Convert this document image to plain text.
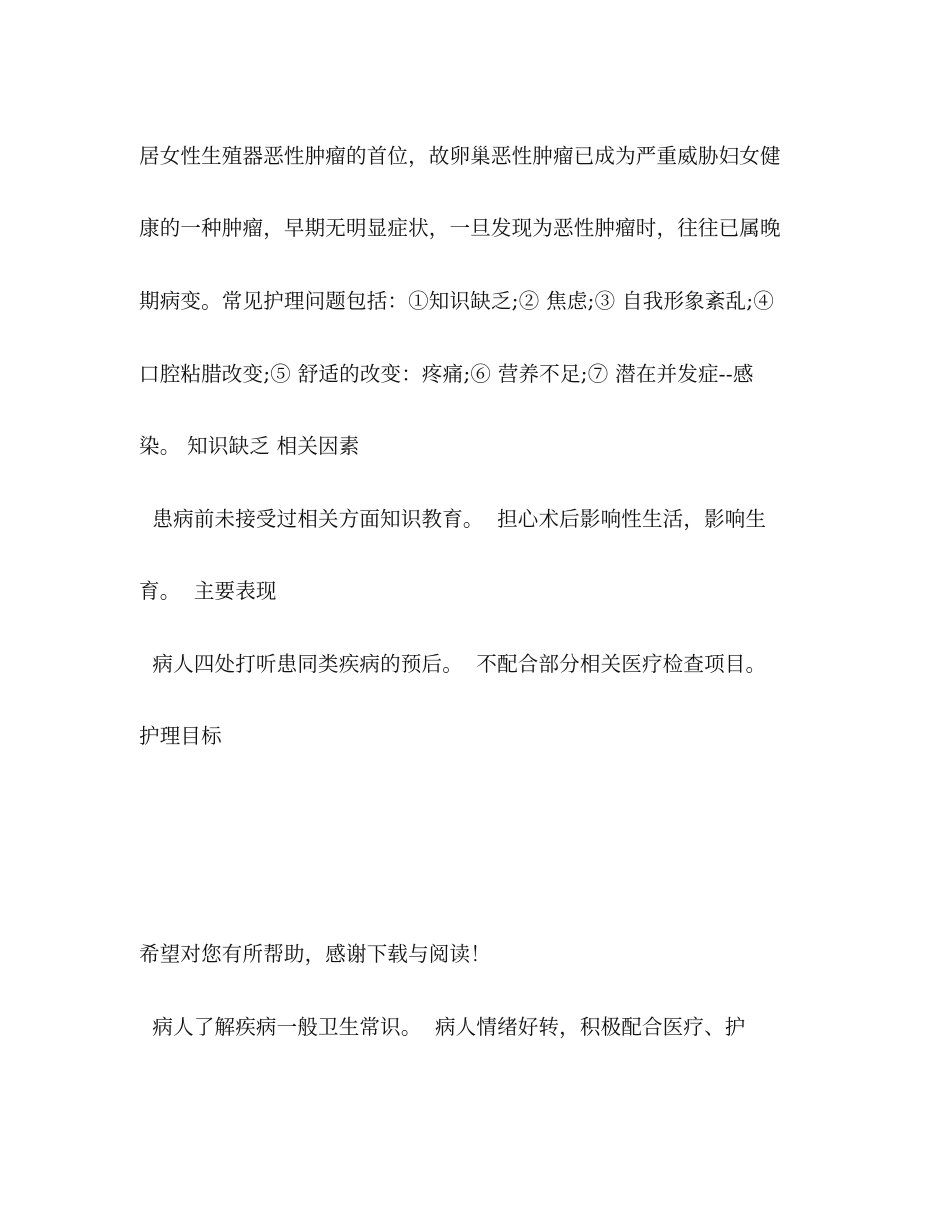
居女性生殖器恶性肿瘤的首位，故卵巢恶性肿瘤已成为严重威胁妇女健
康的一种肿瘤，早期无明显症状，一旦发现为恶性肿瘤时，往往已属晚
期病变。常见护理问题包括：①知识缺乏;② 焦虑;③ 自我形象紊乱;④
口腔粘腊改变;⑤ 舒适的改变：疼痛;⑥ 营养不足;⑦ 潜在并发症--感
染。 知识缺乏 相关因素
患病前未接受过相关方面知识教育。  担心术后影响性生活，影响生
育。  主要表现
病人四处打听患同类疾病的预后。  不配合部分相关医疗检查项目。
护理目标
希望对您有所帮助，感谢下载与阅读！
病人了解疾病一般卫生常识。  病人情绪好转，积极配合医疗、护
